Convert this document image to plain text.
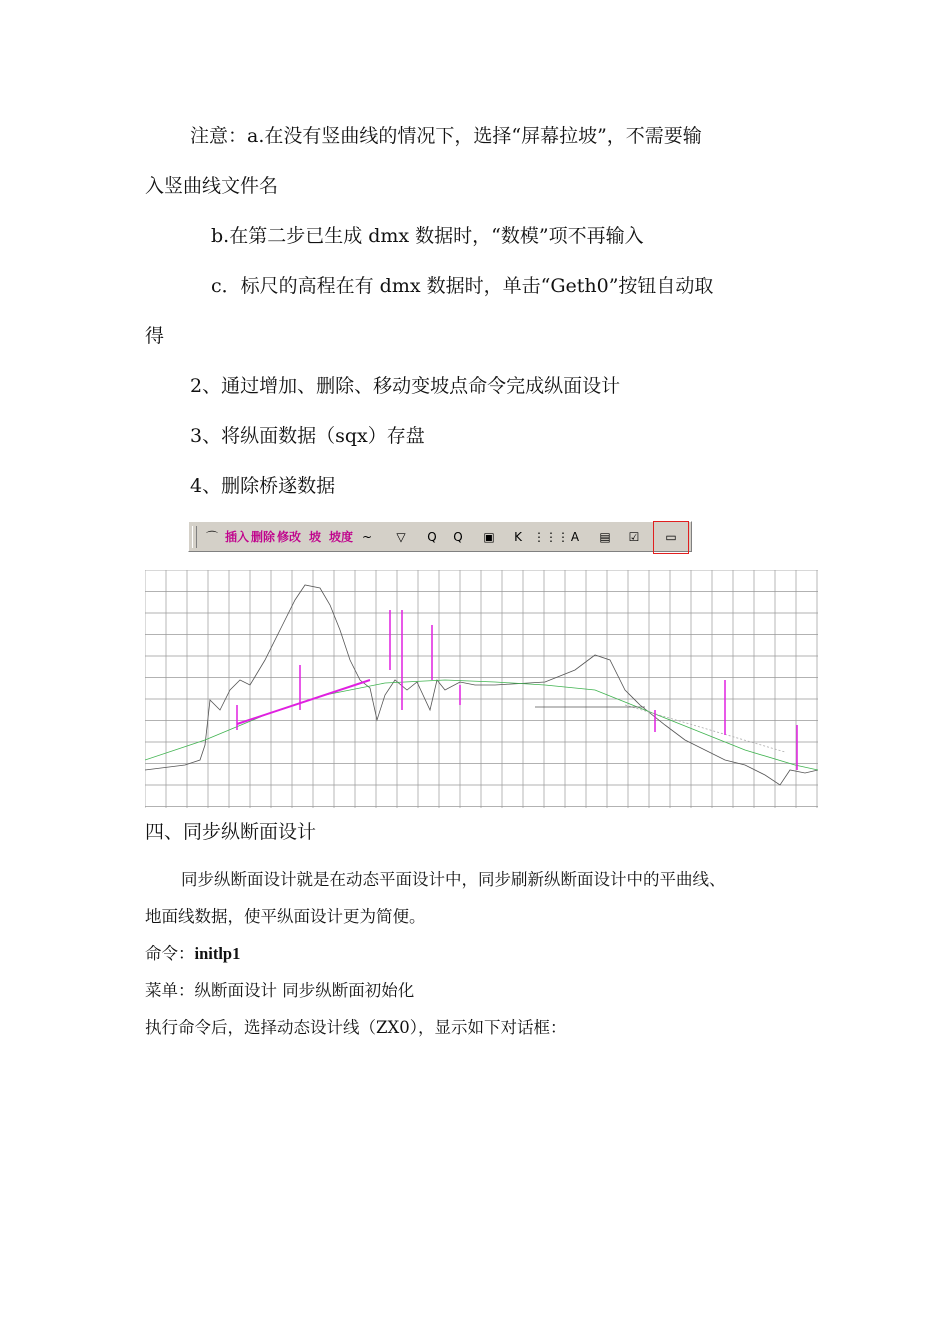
注意：a.在没有竖曲线的情况下，选择“屏幕拉坡”，不需要输
入竖曲线文件名
b.在第二步已生成 dmx 数据时，“数模”项不再输入
c．标尺的高程在有 dmx 数据时，单击“Geth0”按钮自动取
得
2、通过增加、删除、移动变坡点命令完成纵面设计
3、将纵面数据（sqx）存盘
4、删除桥遂数据
⌒ 插入 删除 修改 坡 坡度 ~	▽	Q	Q	▣	K ⋮⋮⋮ A	▤	☑	▭
四、同步纵断面设计
同步纵断面设计就是在动态平面设计中，同步刷新纵断面设计中的平曲线、
地面线数据，使平纵面设计更为简便。
命令：initlp1
菜单：纵断面设计 同步纵断面初始化
执行命令后，选择动态设计线（ZX0），显示如下对话框：
